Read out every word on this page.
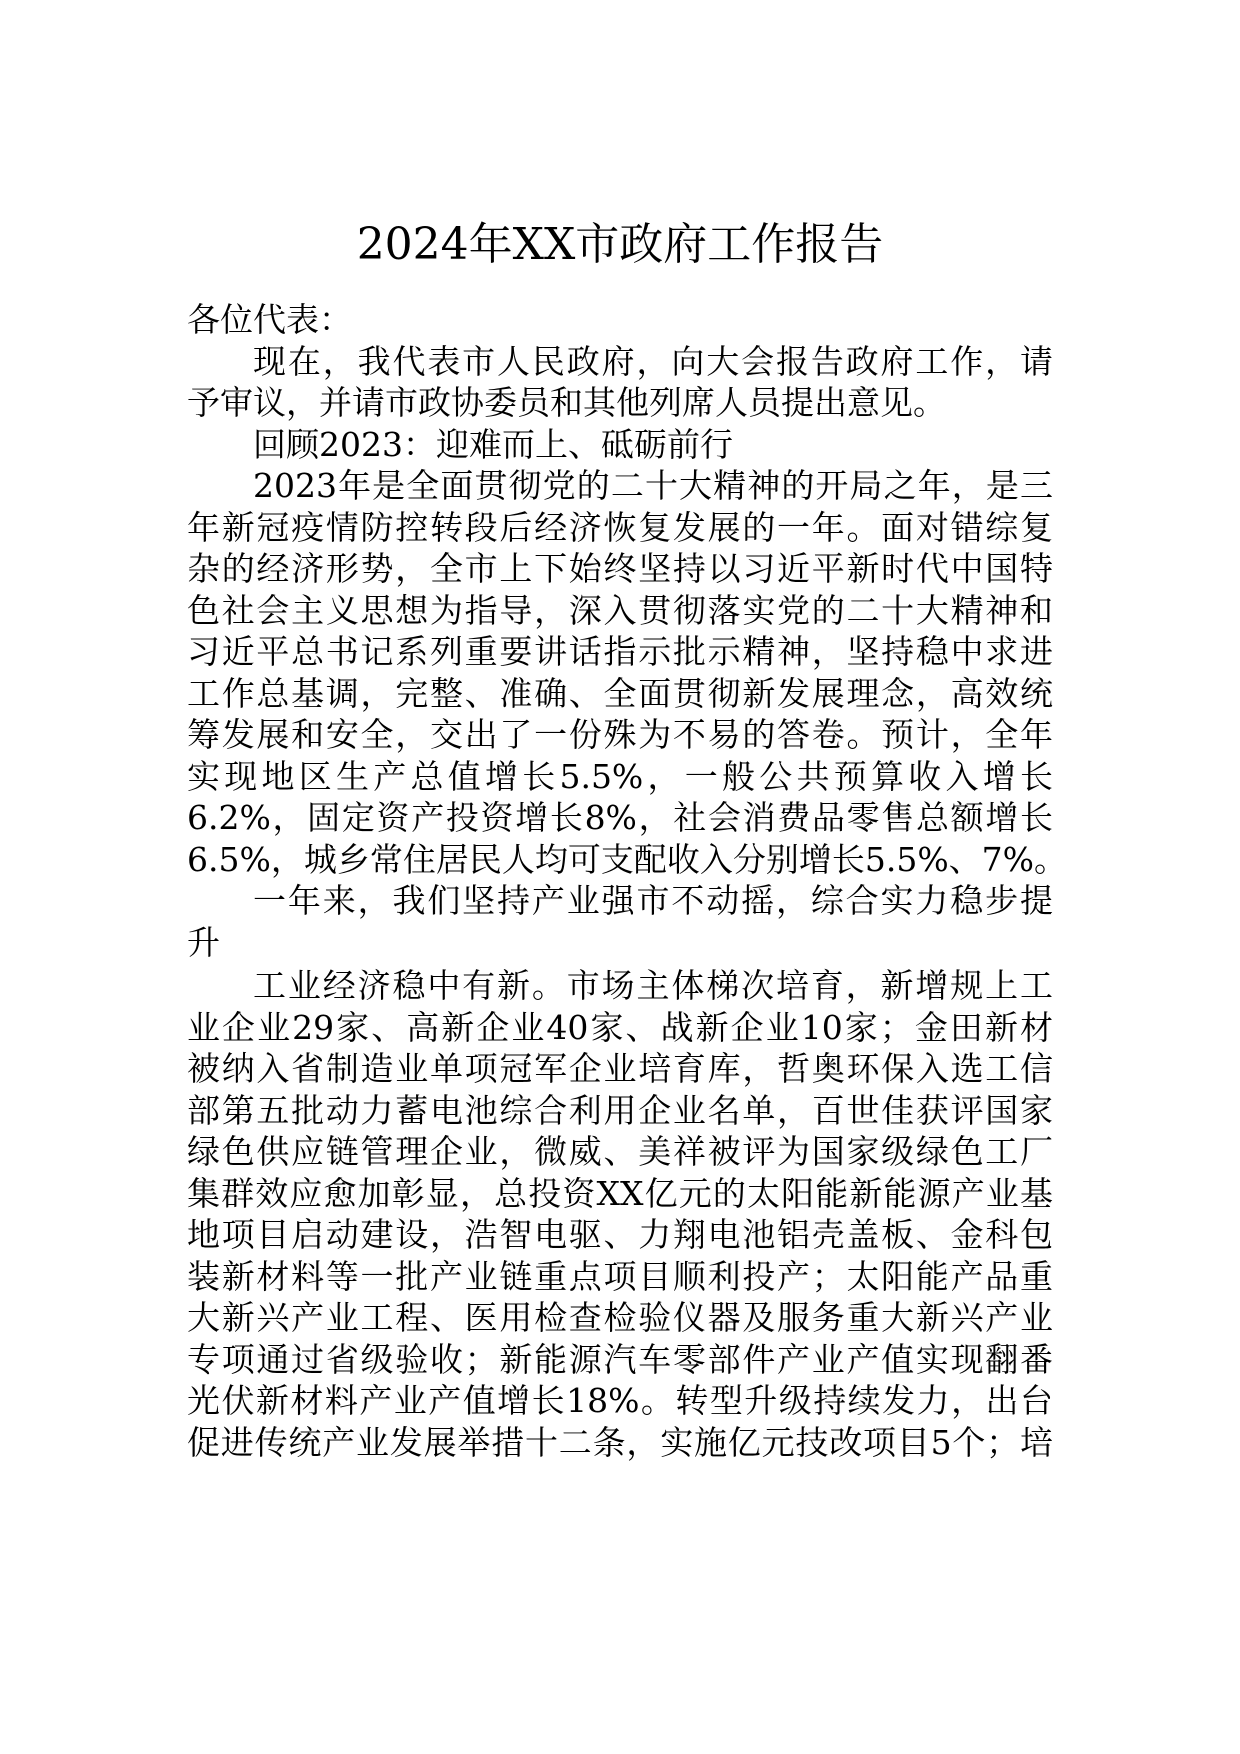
2024年XX市政府工作报告
各位代表：
现在，我代表市人民政府，向大会报告政府工作，请
予审议，并请市政协委员和其他列席人员提出意见。
回顾2023：迎难而上、砥砺前行
2023年是全面贯彻党的二十大精神的开局之年，是三
年新冠疫情防控转段后经济恢复发展的一年。面对错综复
杂的经济形势，全市上下始终坚持以习近平新时代中国特
色社会主义思想为指导，深入贯彻落实党的二十大精神和
习近平总书记系列重要讲话指示批示精神，坚持稳中求进
工作总基调，完整、准确、全面贯彻新发展理念，高效统
筹发展和安全，交出了一份殊为不易的答卷。预计，全年
实现地区生产总值增长5.5%，一般公共预算收入增长
6.2%，固定资产投资增长8%，社会消费品零售总额增长
6.5%，城乡常住居民人均可支配收入分别增长5.5%、7%。
一年来，我们坚持产业强市不动摇，综合实力稳步提
升
工业经济稳中有新。市场主体梯次培育，新增规上工
业企业29家、高新企业40家、战新企业10家；金田新材
被纳入省制造业单项冠军企业培育库，哲奥环保入选工信
部第五批动力蓄电池综合利用企业名单，百世佳获评国家
绿色供应链管理企业，微威、美祥被评为国家级绿色工厂
集群效应愈加彰显，总投资XX亿元的太阳能新能源产业基
地项目启动建设，浩智电驱、力翔电池铝壳盖板、金科包
装新材料等一批产业链重点项目顺利投产；太阳能产品重
大新兴产业工程、医用检查检验仪器及服务重大新兴产业
专项通过省级验收；新能源汽车零部件产业产值实现翻番
光伏新材料产业产值增长18%。转型升级持续发力，出台
促进传统产业发展举措十二条，实施亿元技改项目5个；培
